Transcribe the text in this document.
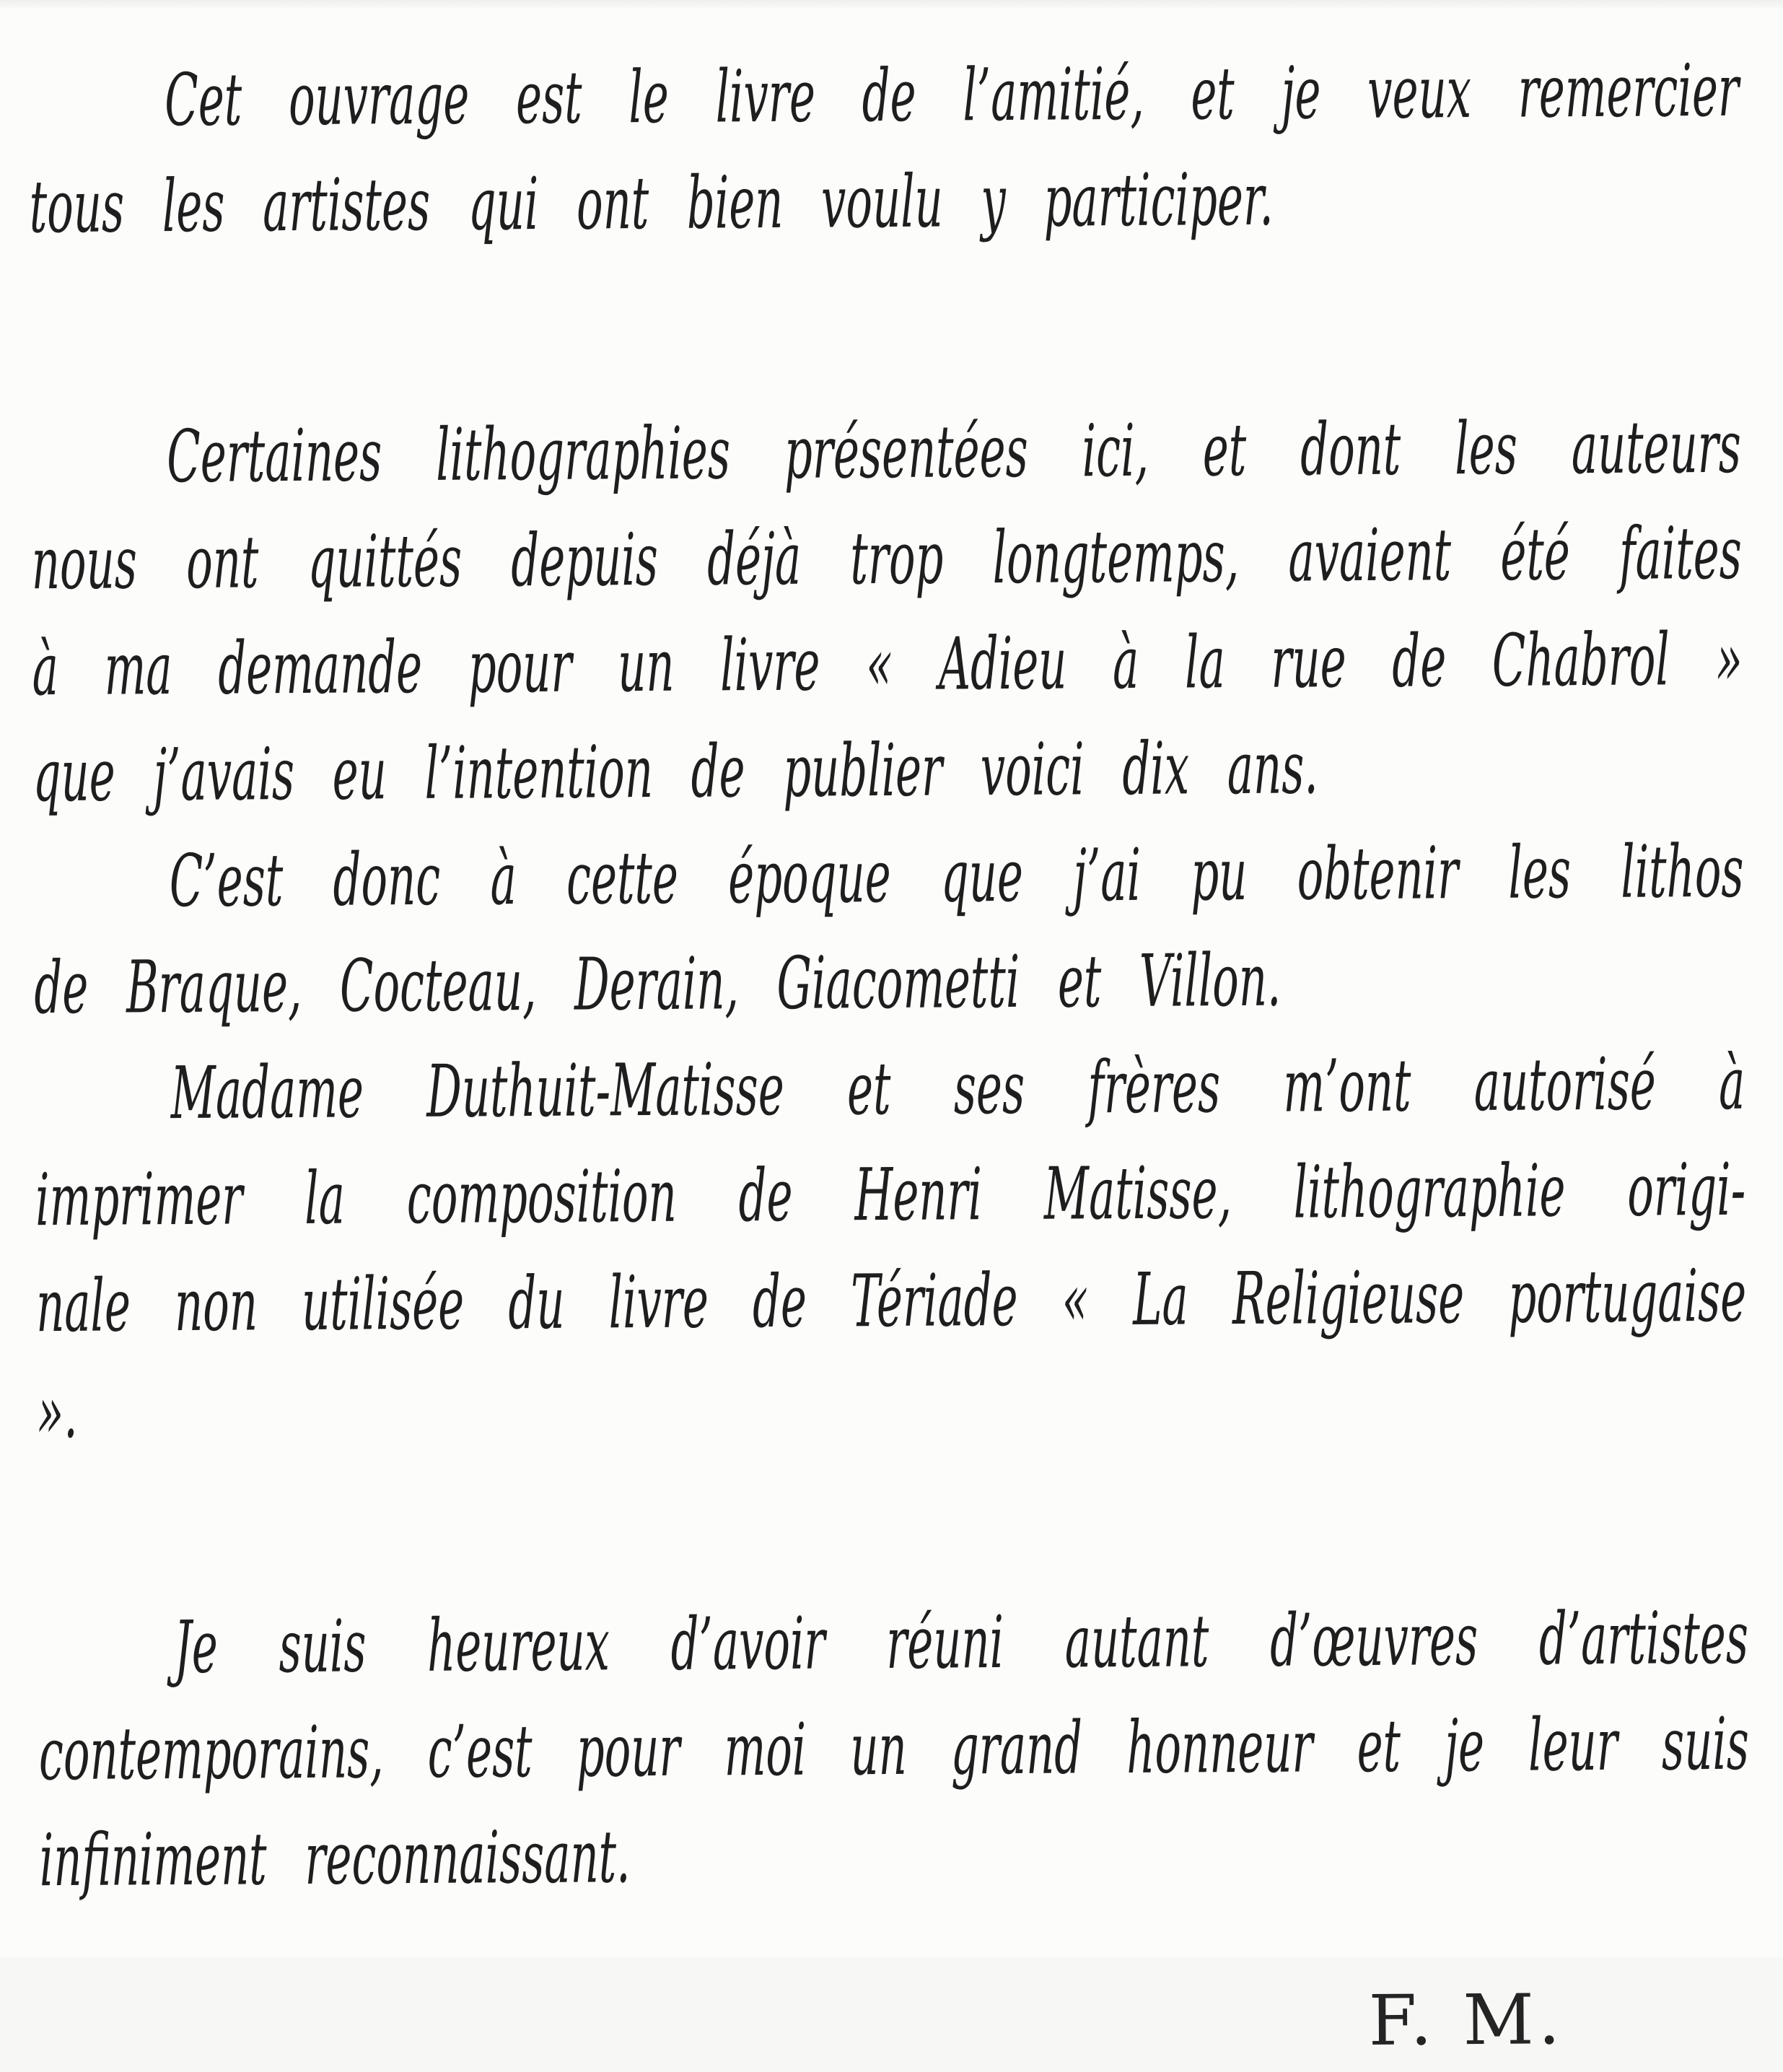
Cet ouvrage est le livre de l’amitié, et je veux remercier
tous les artistes qui ont bien voulu y participer.
Certaines lithographies présentées ici, et dont les auteurs
nous ont quittés depuis déjà trop longtemps, avaient été faites
à ma demande pour un livre « Adieu à la rue de Chabrol »
que j’avais eu l’intention de publier voici dix ans.
C’est donc à cette époque que j’ai pu obtenir les lithos
de Braque, Cocteau, Derain, Giacometti et Villon.
Madame Duthuit-Matisse et ses frères m’ont autorisé à
imprimer la composition de Henri Matisse, lithographie origi-
nale non utilisée du livre de Tériade « La Religieuse portugaise ».
Je suis heureux d’avoir réuni autant d’œuvres d’artistes
contemporains, c’est pour moi un grand honneur et je leur suis
infiniment reconnaissant.
F. M.
